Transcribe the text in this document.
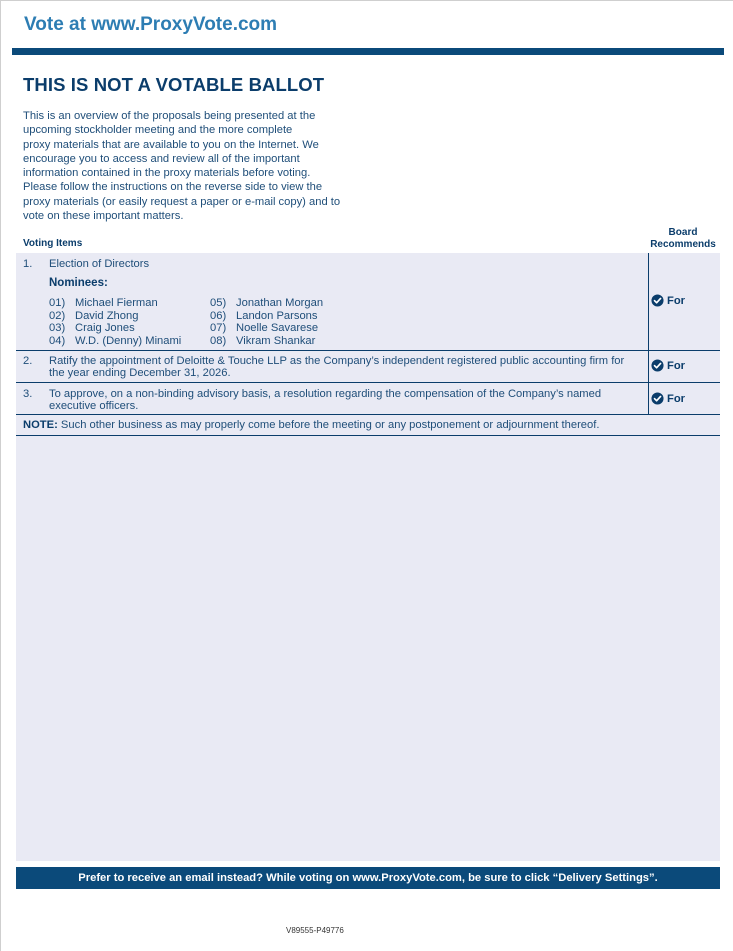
Vote at www.ProxyVote.com
THIS IS NOT A VOTABLE BALLOT

This is an overview of the proposals being presented at the
upcoming stockholder meeting and the more complete
proxy materials that are available to you on the Internet. We
encourage you to access and review all of the important
information contained in the proxy materials before voting.
Please follow the instructions on the reverse side to view the
proxy materials (or easily request a paper or e-mail copy) and to
vote on these important matters.

Voting Items
Board
Recommends
1. Election of Directors
Nominees:
01) Michael Fierman
02) David Zhong
03) Craig Jones
04) W.D. (Denny) Minami
05) Jonathan Morgan
06) Landon Parsons
07) Noelle Savarese
08) Vikram Shankar
For
2. Ratify the appointment of Deloitte & Touche LLP as the Company’s independent registered public accounting firm for
the year ending December 31, 2026.
For
3. To approve, on a non-binding advisory basis, a resolution regarding the compensation of the Company’s named
executive officers.
For
NOTE: Such other business as may properly come before the meeting or any postponement or adjournment thereof.
Prefer to receive an email instead? While voting on www.ProxyVote.com, be sure to click “Delivery Settings”.
V89555-P49776
